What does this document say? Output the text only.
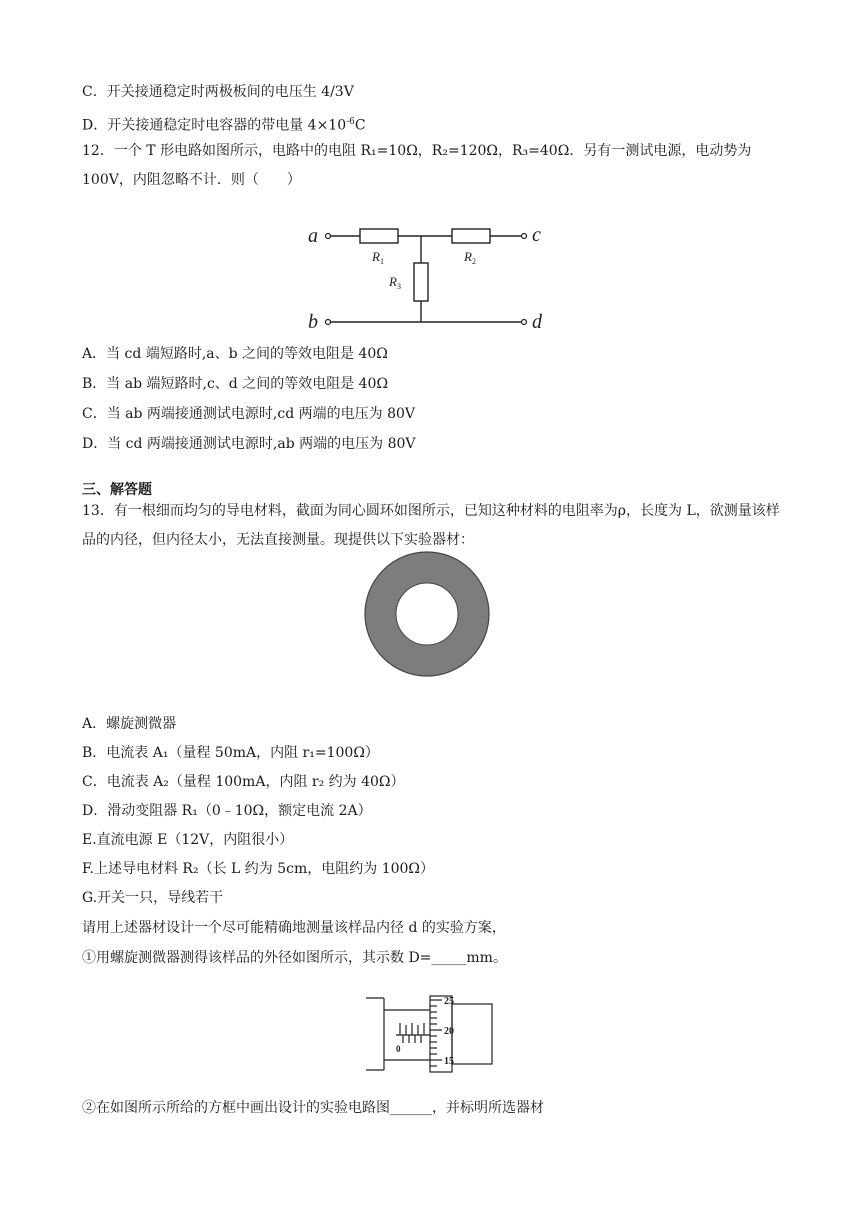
C．开关接通稳定时两极板间的电压生 4/3V
D．开关接通稳定时电容器的带电量 $4\times 10^{-6}C$
12．一个 T 形电路如图所示，电路中的电阻 R₁=10Ω，R₂=120Ω，R₃=40Ω．另有一测试电源，电动势为 100V，内阻忽略不计．则（　　）
a	c
b	d
$R_1$	$R_2$
$R_3$
A．当 cd 端短路时,a、b 之间的等效电阻是 40Ω
B．当 ab 端短路时,c、d 之间的等效电阻是 40Ω
C．当 ab 两端接通测试电源时,cd 两端的电压为 80V
D．当 cd 两端接通测试电源时,ab 两端的电压为 80V
三、解答题
13．有一根细而均匀的导电材料，截面为同心圆环如图所示，已知这种材料的电阻率为ρ，长度为 L，欲测量该样品的内径，但内径太小，无法直接测量。现提供以下实验器材：
A．螺旋测微器
B．电流表 A₁（量程 50mA，内阻 r₁=100Ω）
C．电流表 A₂（量程 100mA，内阻 r₂ 约为 40Ω）
D．滑动变阻器 R₁（0﹣10Ω，额定电流 2A）
E.直流电源 E（12V，内阻很小）
F.上述导电材料 R₂（长 L 约为 5cm，电阻约为 100Ω）
G.开关一只，导线若干
请用上述器材设计一个尽可能精确地测量该样品内径 d 的实验方案，
①用螺旋测微器测得该样品的外径如图所示，其示数 D=_____mm。
25
20
15
0
②在如图所示所给的方框中画出设计的实验电路图______，并标明所选器材
